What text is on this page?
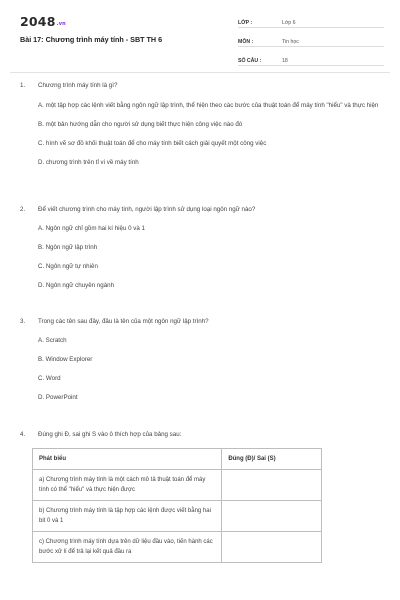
2048.vn
Bài 17: Chương trình máy tính - SBT TH 6
LỚP :	Lớp 6
MÔN :	Tin học
SỐ CÂU :	18
1.	Chương trình máy tính là gì?
A. một tập hợp các lệnh viết bằng ngôn ngữ lập trình, thể hiện theo các bước của thuật toán để máy tính "hiểu" và thực hiện
B. một bản hướng dẫn cho người sử dụng biết thực hiện công việc nào đó
C. hình vẽ sơ đồ khối thuật toán để cho máy tính biết cách giải quyết một công việc
D. chương trình trên tỉ vi về máy tính
2.	Để viết chương trình cho máy tính, người lập trình sử dụng loại ngôn ngữ nào?
A. Ngôn ngữ chỉ gồm hai kí hiệu 0 và 1
B. Ngôn ngữ lập trình
C. Ngôn ngữ tự nhiên
D. Ngôn ngữ chuyên ngành
3.	Trong các tên sau đây, đâu là tên của một ngôn ngữ lập trình?
A. Scratch
B. Window Explorer
C. Word
D. PowerPoint
4.	Đúng ghi Đ, sai ghi S vào ô thích hợp của bảng sau:
Phát biểu	Đúng (Đ)/ Sai (S)
a) Chương trình máy tính là một cách mô tả thuật toán để máy tính có thể "hiểu" và thực hiện được	
b) Chương trình máy tính là tập hợp các lệnh được viết bằng hai bit 0 và 1	
c) Chương trình máy tính dựa trên dữ liệu đầu vào, tiến hành các bước xử lí để trả lại kết quả đầu ra	
